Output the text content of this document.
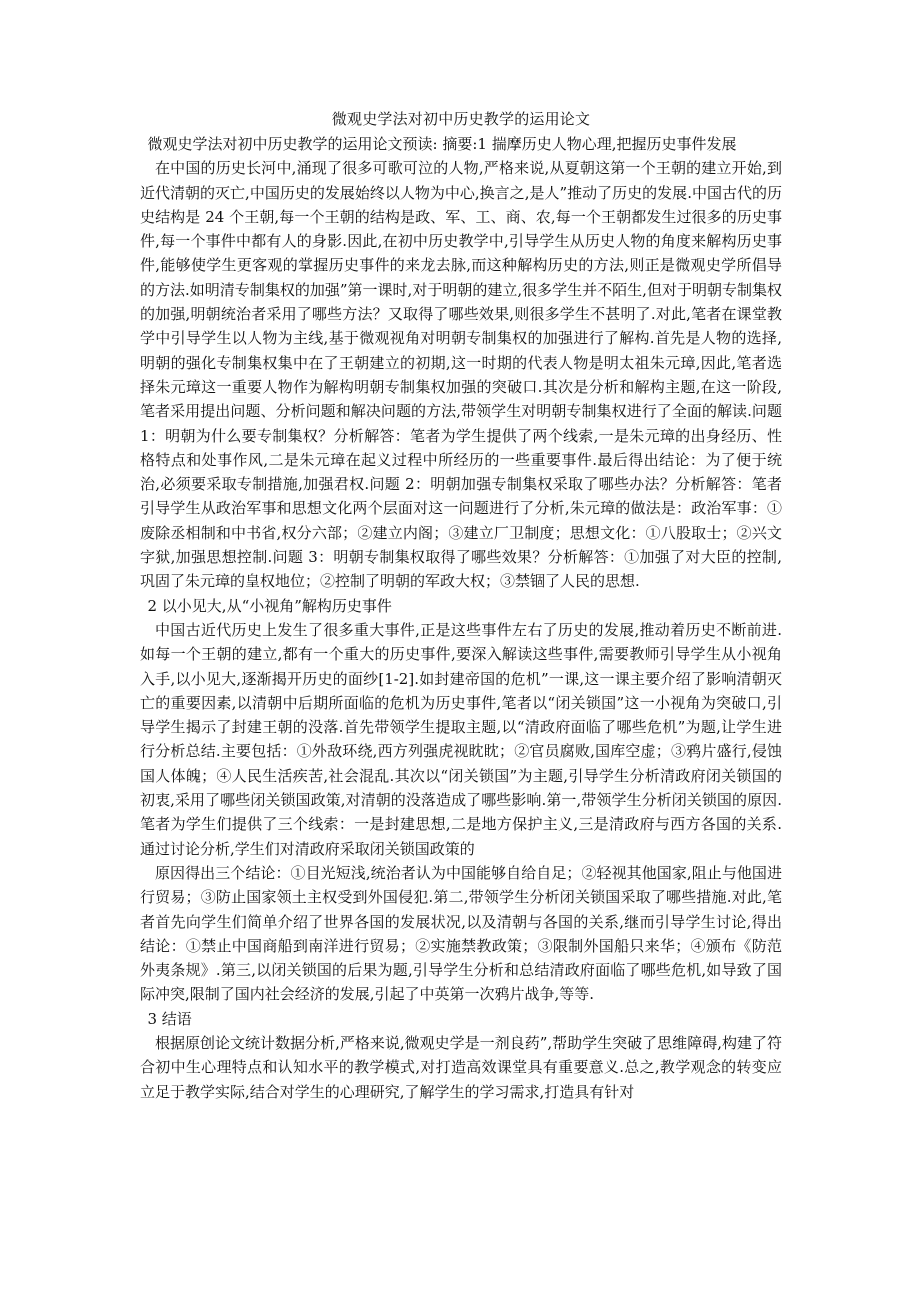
微观史学法对初中历史教学的运用论文

微观史学法对初中历史教学的运用论文预读: 摘要:1 揣摩历史人物心理,把握历史事件发展

在中国的历史长河中,涌现了很多可歌可泣的人物,严格来说,从夏朝这第一个王朝的建立开始,到近代清朝的灭亡,中国历史的发展始终以人物为中心,换言之,是人”推动了历史的发展.中国古代的历史结构是 24 个王朝,每一个王朝的结构是政、军、工、商、农,每一个王朝都发生过很多的历史事件,每一个事件中都有人的身影.因此,在初中历史教学中,引导学生从历史人物的角度来解构历史事件,能够使学生更客观的掌握历史事件的来龙去脉,而这种解构历史的方法,则正是微观史学所倡导的方法.如明清专制集权的加强”第一课时,对于明朝的建立,很多学生并不陌生,但对于明朝专制集权的加强,明朝统治者采用了哪些方法？又取得了哪些效果,则很多学生不甚明了.对此,笔者在课堂教学中引导学生以人物为主线,基于微观视角对明朝专制集权的加强进行了解构.首先是人物的选择,明朝的强化专制集权集中在了王朝建立的初期,这一时期的代表人物是明太祖朱元璋,因此,笔者选择朱元璋这一重要人物作为解构明朝专制集权加强的突破口.其次是分析和解构主题,在这一阶段,笔者采用提出问题、分析问题和解决问题的方法,带领学生对明朝专制集权进行了全面的解读.问题 1：明朝为什么要专制集权？分析解答：笔者为学生提供了两个线索,一是朱元璋的出身经历、性格特点和处事作风,二是朱元璋在起义过程中所经历的一些重要事件.最后得出结论：为了便于统治,必须要采取专制措施,加强君权.问题 2：明朝加强专制集权采取了哪些办法？分析解答：笔者引导学生从政治军事和思想文化两个层面对这一问题进行了分析,朱元璋的做法是：政治军事：①废除丞相制和中书省,权分六部；②建立内阁；③建立厂卫制度；思想文化：①八股取士；②兴文字狱,加强思想控制.问题 3：明朝专制集权取得了哪些效果？分析解答：①加强了对大臣的控制,巩固了朱元璋的皇权地位；②控制了明朝的军政大权；③禁锢了人民的思想.

2 以小见大,从“小视角”解构历史事件

中国古近代历史上发生了很多重大事件,正是这些事件左右了历史的发展,推动着历史不断前进.如每一个王朝的建立,都有一个重大的历史事件,要深入解读这些事件,需要教师引导学生从小视角入手,以小见大,逐渐揭开历史的面纱[1-2].如封建帝国的危机”一课,这一课主要介绍了影响清朝灭亡的重要因素,以清朝中后期所面临的危机为历史事件,笔者以“闭关锁国”这一小视角为突破口,引导学生揭示了封建王朝的没落.首先带领学生提取主题,以“清政府面临了哪些危机”为题,让学生进行分析总结.主要包括：①外敌环绕,西方列强虎视眈眈；②官员腐败,国库空虚；③鸦片盛行,侵蚀国人体魄；④人民生活疾苦,社会混乱.其次以“闭关锁国”为主题,引导学生分析清政府闭关锁国的初衷,采用了哪些闭关锁国政策,对清朝的没落造成了哪些影响.第一,带领学生分析闭关锁国的原因.笔者为学生们提供了三个线索：一是封建思想,二是地方保护主义,三是清政府与西方各国的关系.通过讨论分析,学生们对清政府采取闭关锁国政策的

原因得出三个结论：①目光短浅,统治者认为中国能够自给自足；②轻视其他国家,阻止与他国进行贸易；③防止国家领土主权受到外国侵犯.第二,带领学生分析闭关锁国采取了哪些措施.对此,笔者首先向学生们简单介绍了世界各国的发展状况,以及清朝与各国的关系,继而引导学生讨论,得出结论：①禁止中国商船到南洋进行贸易；②实施禁教政策；③限制外国船只来华；④颁布《防范外夷条规》.第三,以闭关锁国的后果为题,引导学生分析和总结清政府面临了哪些危机,如导致了国际冲突,限制了国内社会经济的发展,引起了中英第一次鸦片战争,等等.

3 结语

根据原创论文统计数据分析,严格来说,微观史学是一剂良药”,帮助学生突破了思维障碍,构建了符合初中生心理特点和认知水平的教学模式,对打造高效课堂具有重要意义.总之,教学观念的转变应立足于教学实际,结合对学生的心理研究,了解学生的学习需求,打造具有针对
